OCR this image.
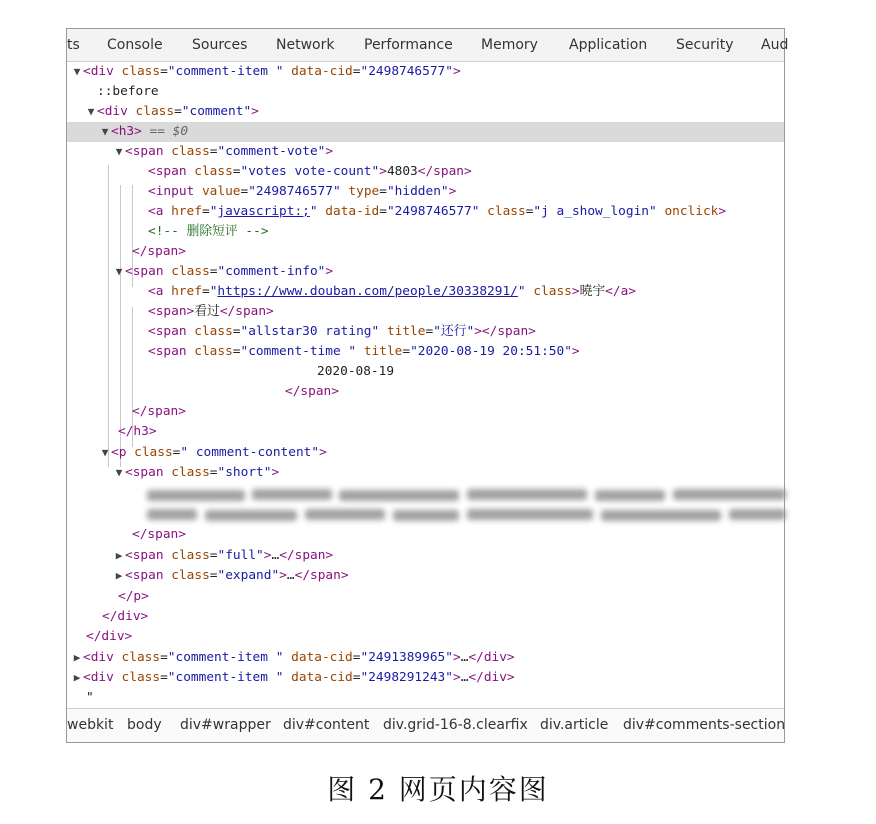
ts Console Sources Network Performance Memory Application Security Aud
▼ <div class="comment-item " data-cid="2498746577">
::before
▼ <div class="comment">
▼ <h3> == $0
▼ <span class="comment-vote">
<span class="votes vote-count">4803</span>
<input value="2498746577" type="hidden">
<a href="javascript:;" data-id="2498746577" class="j a_show_login" onclick>
<!-- 删除短评 -->
</span>
▼ <span class="comment-info">
<a href="https://www.douban.com/people/30338291/" class>曉宇</a>
<span>看过</span>
<span class="allstar30 rating" title="还行"></span>
<span class="comment-time " title="2020-08-19 20:51:50">
2020-08-19
</span>
</span>
</h3>
▼ <p class=" comment-content">
▼ <span class="short">
</span>
▶ <span class="full">…</span>
▶ <span class="expand">…</span>
</p>
</div>
</div>
▶ <div class="comment-item " data-cid="2491389965">…</div>
▶ <div class="comment-item " data-cid="2498291243">…</div>
"
webkit body div#wrapper div#content div.grid-16-8.clearfix div.article div#comments-section
图 2 网页内容图
